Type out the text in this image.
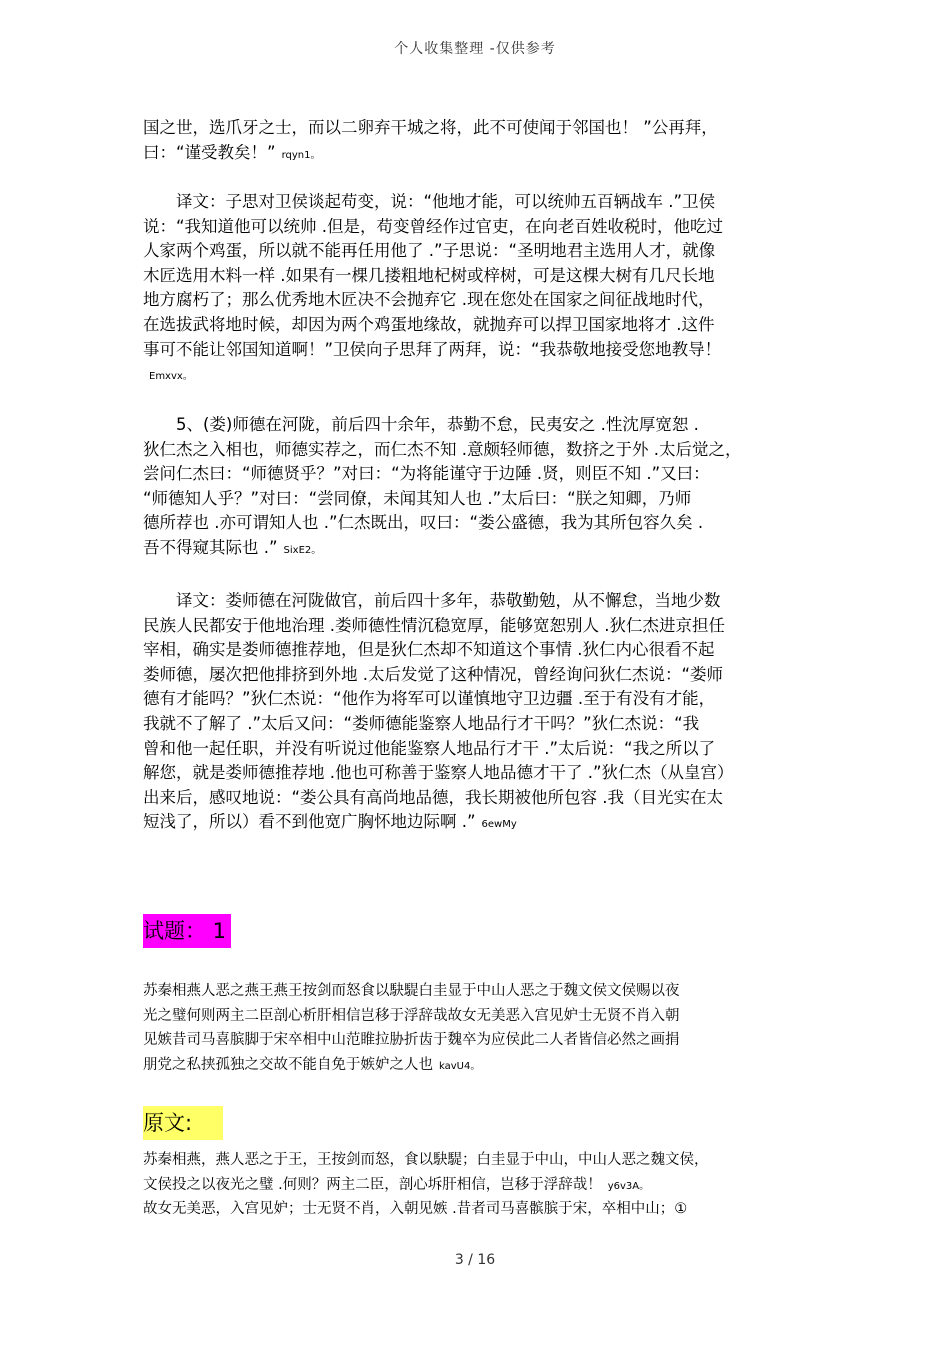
个人收集整理 -仅供参考
国之世，选爪牙之士，而以二卵弃干城之将，此不可使闻于邻国也！ ”公再拜，
曰：“谨受教矣！” rqyn1。
　　译文：子思对卫侯谈起苟变，说：“他地才能，可以统帅五百辆战车 .”卫侯
说：“我知道他可以统帅 .但是，苟变曾经作过官吏，在向老百姓收税时，他吃过
人家两个鸡蛋，所以就不能再任用他了 .”子思说：“圣明地君主选用人才，就像
木匠选用木料一样 .如果有一棵几搂粗地杞树或梓树，可是这棵大树有几尺长地
地方腐朽了；那么优秀地木匠决不会抛弃它 .现在您处在国家之间征战地时代，
在选拔武将地时候，却因为两个鸡蛋地缘故，就抛弃可以捍卫国家地将才 .这件
事可不能让邻国知道啊！”卫侯向子思拜了两拜，说：“我恭敬地接受您地教导！
Emxvx。
　　5、(娄)师德在河陇，前后四十余年，恭勤不怠，民夷安之 .性沈厚宽恕 .
狄仁杰之入相也，师德实荐之，而仁杰不知 .意颇轻师德，数挤之于外 .太后觉之，
尝问仁杰曰：“师德贤乎？”对曰：“为将能谨守于边陲 .贤，则臣不知 .”又曰：
“师德知人乎？”对曰：“尝同僚，未闻其知人也 .”太后曰：“朕之知卿，乃师
德所荐也 .亦可谓知人也 .”仁杰既出，叹曰：“娄公盛德，我为其所包容久矣 .
吾不得窥其际也 .” SixE2。
　　译文：娄师德在河陇做官，前后四十多年，恭敬勤勉，从不懈怠，当地少数
民族人民都安于他地治理 .娄师德性情沉稳宽厚，能够宽恕别人 .狄仁杰进京担任
宰相，确实是娄师德推荐地，但是狄仁杰却不知道这个事情 .狄仁内心很看不起
娄师德，屡次把他排挤到外地 .太后发觉了这种情况，曾经询问狄仁杰说：“娄师
德有才能吗？”狄仁杰说：“他作为将军可以谨慎地守卫边疆 .至于有没有才能，
我就不了解了 .”太后又问：“娄师德能鉴察人地品行才干吗？”狄仁杰说：“我
曾和他一起任职，并没有听说过他能鉴察人地品行才干 .”太后说：“我之所以了
解您，就是娄师德推荐地 .他也可称善于鉴察人地品德才干了 .”狄仁杰（从皇宫）
出来后，感叹地说：“娄公具有高尚地品德，我长期被他所包容 .我（目光实在太
短浅了，所以）看不到他宽广胸怀地边际啊 .” 6ewMy
试题： 1
苏秦相燕人恶之燕王燕王按剑而怒食以駃騠白圭显于中山人恶之于魏文侯文侯赐以夜
光之璧何则两主二臣剖心析肝相信岂移于浮辞哉故女无美恶入宫见妒士无贤不肖入朝
见嫉昔司马喜膑脚于宋卒相中山范睢拉胁折齿于魏卒为应侯此二人者皆信必然之画捐
朋党之私挟孤独之交故不能自免于嫉妒之人也 kavU4。
原文:
苏秦相燕，燕人恶之于王，王按剑而怒，食以駃騠；白圭显于中山，中山人恶之魏文侯，
文侯投之以夜光之璧 .何则？两主二臣，剖心坼肝相信，岂移于浮辞哉！ y6v3A。
故女无美恶，入宫见妒；士无贤不肖，入朝见嫉 .昔者司马喜髌膑于宋，卒相中山；①
3 / 16
